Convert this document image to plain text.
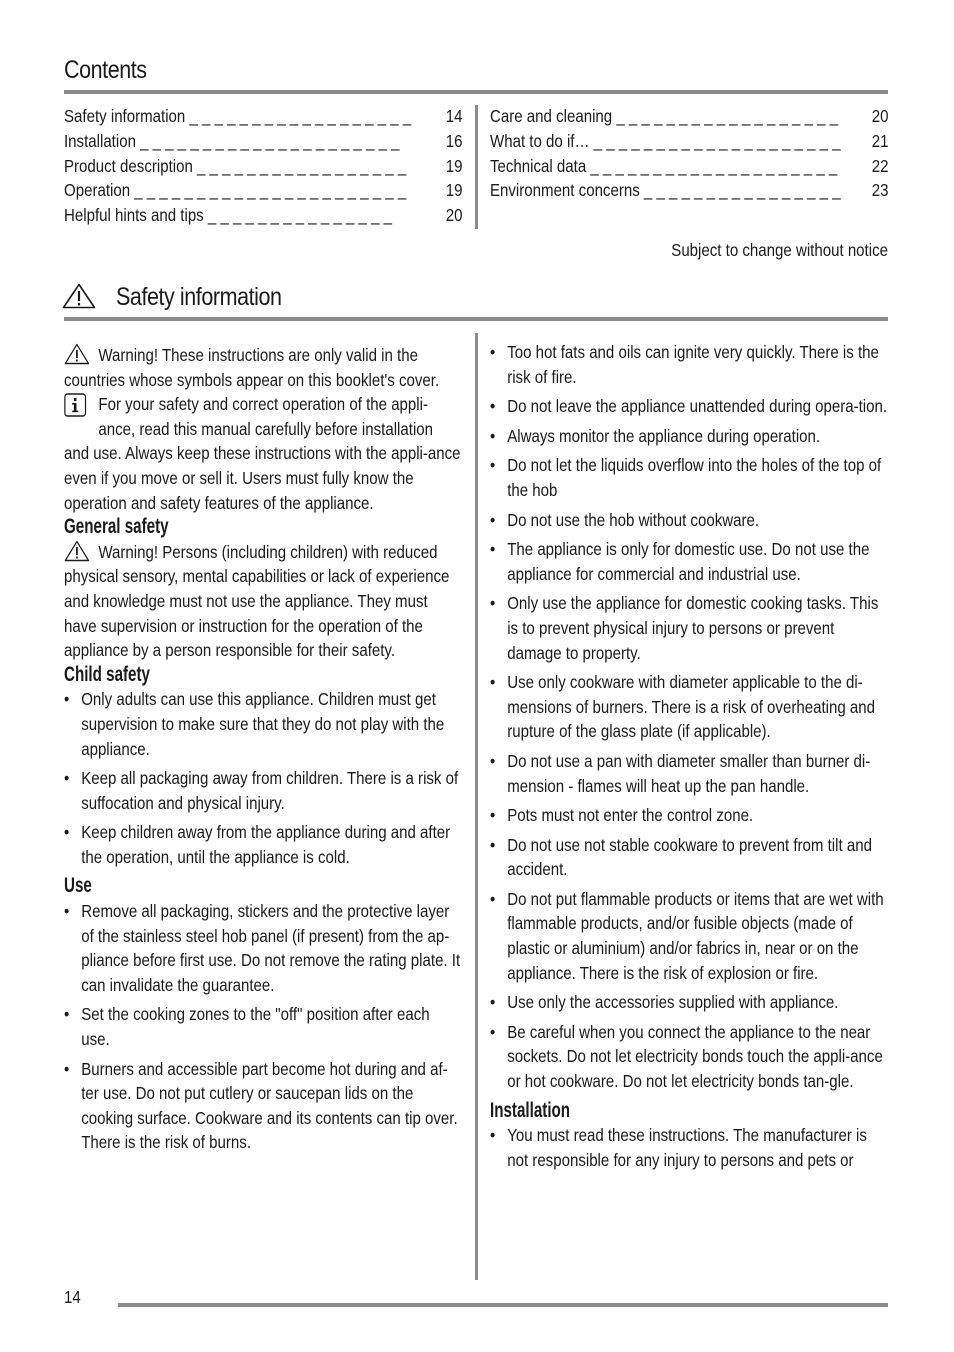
Contents
Safety information _ _ _ _ _ _ _ _ _ _ _ _ _ _ _ _ _ _ 14
Installation _ _ _ _ _ _ _ _ _ _ _ _ _ _ _ _ _ _ _ _ _	16
Product description _ _ _ _ _ _ _ _ _ _ _ _ _ _ _ _ _ 19
Operation _ _ _ _ _ _ _ _ _ _ _ _ _ _ _ _ _ _ _ _ _ _ 19
Helpful hints and tips _ _ _ _ _ _ _ _ _ _ _ _ _ _ _	20
Care and cleaning _ _ _ _ _ _ _ _ _ _ _ _ _ _ _ _ _ _ 20
What to do if… _ _ _ _ _ _ _ _ _ _ _ _ _ _ _ _ _ _ _ _ 21
Technical data _ _ _ _ _ _ _ _ _ _ _ _ _ _ _ _ _ _ _ _ 22
Environment concerns _ _ _ _ _ _ _ _ _ _ _ _ _ _ _ _ 23
Subject to change without notice
Safety information

Warning! These instructions are only valid in the countries whose symbols appear on this booklet's cover.

For your safety and correct operation of the appli-ance, read this manual carefully before installation and use. Always keep these instructions with the appli-ance even if you move or sell it. Users must fully know the operation and safety features of the appliance.

General safety

Warning! Persons (including children) with reduced physical sensory, mental capabilities or lack of experience and knowledge must not use the appliance. They must have supervision or instruction for the operation of the appliance by a person responsible for their safety.

Child safety
• Only adults can use this appliance. Children must get supervision to make sure that they do not play with the appliance.
• Keep all packaging away from children. There is a risk of suffocation and physical injury.
• Keep children away from the appliance during and after the operation, until the appliance is cold.
Use
• Remove all packaging, stickers and the protective layer of the stainless steel hob panel (if present) from the ap-pliance before first use. Do not remove the rating plate. It can invalidate the guarantee.
• Set the cooking zones to the "off" position after each use.
• Burners and accessible part become hot during and af-ter use. Do not put cutlery or saucepan lids on the cooking surface. Cookware and its contents can tip over. There is the risk of burns.
• Too hot fats and oils can ignite very quickly. There is the risk of fire.
• Do not leave the appliance unattended during opera-tion.
• Always monitor the appliance during operation.
• Do not let the liquids overflow into the holes of the top of the hob
• Do not use the hob without cookware.
• The appliance is only for domestic use. Do not use the appliance for commercial and industrial use.
• Only use the appliance for domestic cooking tasks. This is to prevent physical injury to persons or prevent damage to property.
• Use only cookware with diameter applicable to the di-mensions of burners. There is a risk of overheating and rupture of the glass plate (if applicable).
• Do not use a pan with diameter smaller than burner di-mension - flames will heat up the pan handle.
• Pots must not enter the control zone.
• Do not use not stable cookware to prevent from tilt and accident.
• Do not put flammable products or items that are wet with flammable products, and/or fusible objects (made of plastic or aluminium) and/or fabrics in, near or on the appliance. There is the risk of explosion or fire.
• Use only the accessories supplied with appliance.
• Be careful when you connect the appliance to the near sockets. Do not let electricity bonds touch the appli-ance or hot cookware. Do not let electricity bonds tan-gle.
Installation
• You must read these instructions. The manufacturer is not responsible for any injury to persons and pets or
14
